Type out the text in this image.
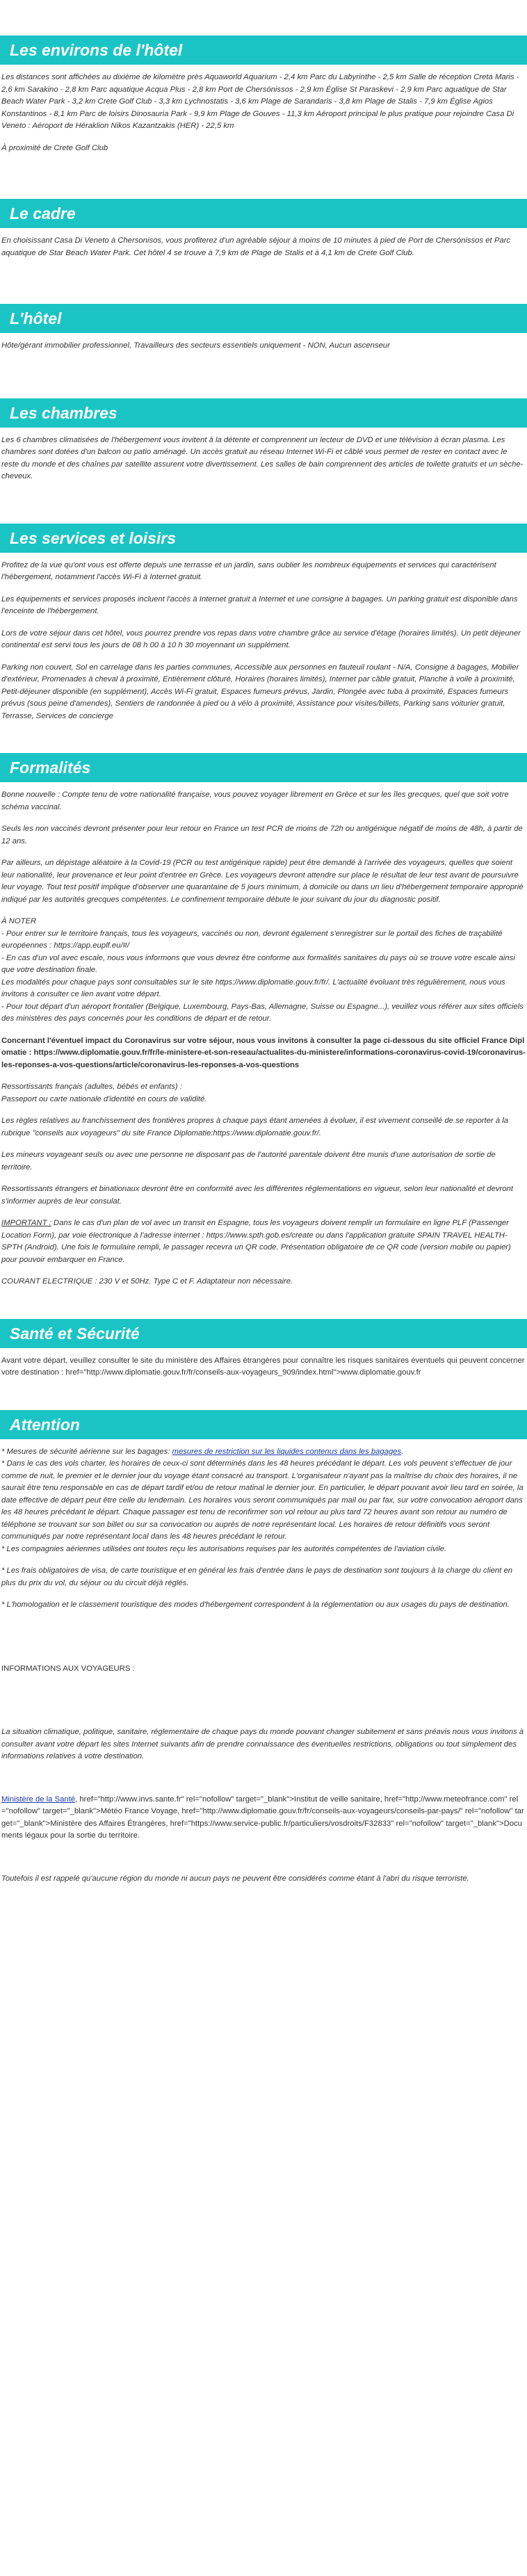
Les environs de l'hôtel

Les distances sont affichées au dixième de kilomètre près Aquaworld Aquarium - 2,4 km Parc du Labyrinthe - 2,5 km Salle de réception Creta Maris - 2,6 km Sarakino - 2,8 km Parc aquatique Acqua Plus - 2,8 km Port de Chersónissos - 2,9 km Église St Paraskevi - 2,9 km Parc aquatique de Star Beach Water Park - 3,2 km Crete Golf Club - 3,3 km Lychnostatis - 3,6 km Plage de Sarandaris - 3,8 km Plage de Stalis - 7,9 km Église Agios Konstantinos - 8,1 km Parc de loisirs Dinosauria Park - 9,9 km Plage de Gouves - 11,3 km Aéroport principal le plus pratique pour rejoindre Casa Di Veneto : Aéroport de Héraklion Nikos Kazantzakis (HER) - 22,5 km

À proximité de Crete Golf Club

Le cadre

En choisissant Casa Di Veneto à Chersonisos, vous profiterez d'un agréable séjour à moins de 10 minutes à pied de Port de Chersónissos et Parc aquatique de Star Beach Water Park. Cet hôtel 4 se trouve à 7,9 km de Plage de Stalis et à 4,1 km de Crete Golf Club.

L'hôtel

Hôte/gérant immobilier professionnel, Travailleurs des secteurs essentiels uniquement - NON, Aucun ascenseur

Les chambres

Les 6 chambres climatisées de l'hébergement vous invitent à la détente et comprennent un lecteur de DVD et une télévision à écran plasma. Les chambres sont dotées d'un balcon ou patio aménagé. Un accès gratuit au réseau Internet Wi-Fi et câblé vous permet de rester en contact avec le reste du monde et des chaînes par satellite assurent votre divertissement. Les salles de bain comprennent des articles de toilette gratuits et un sèche-cheveux.

Les services et loisirs

Profitez de la vue qu'ont vous est offerte depuis une terrasse et un jardin, sans oublier les nombreux équipements et services qui caractérisent l'hébergement, notamment l'accès Wi-Fi à Internet gratuit.

Les équipements et services proposés incluent l'accès à Internet gratuit à Internet et une consigne à bagages. Un parking gratuit est disponible dans l'enceinte de l'hébergement.

Lors de votre séjour dans cet hôtel, vous pourrez prendre vos repas dans votre chambre grâce au service d'étage (horaires limités). Un petit déjeuner continental est servi tous les jours de 08 h 00 à 10 h 30 moyennant un supplément.

Parking non couvert, Sol en carrelage dans les parties communes, Accessible aux personnes en fauteuil roulant - N/A, Consigne à bagages, Mobilier d'extérieur, Promenades à cheval à proximité, Entièrement clôturé, Horaires (horaires limités), Internet par câble gratuit, Planche à voile à proximité, Petit-déjeuner disponible (en supplément), Accès Wi-Fi gratuit, Espaces fumeurs prévus, Jardin, Plongée avec tuba à proximité, Espaces fumeurs prévus (sous peine d'amendes), Sentiers de randonnée à pied ou à vélo à proximité, Assistance pour visites/billets, Parking sans voiturier gratuit, Terrasse, Services de concierge

Formalités

Bonne nouvelle : Compte tenu de votre nationalité française, vous pouvez voyager librement en Grèce et sur les îles grecques, quel que soit votre schéma vaccinal.

Seuls les non vaccinés devront présenter pour leur retour en France un test PCR de moins de 72h ou antigénique négatif de moins de 48h, à partir de 12 ans.

Par ailleurs, un dépistage aléatoire à la Covid-19 (PCR ou test antigénique rapide) peut être demandé à l'arrivée des voyageurs, quelles que soient leur nationalité, leur provenance et leur point d'entrée en Grèce. Les voyageurs devront attendre sur place le résultat de leur test avant de poursuivre leur voyage. Tout test positif implique d'observer une quarantaine de 5 jours minimum, à domicile ou dans un lieu d'hébergement temporaire approprié indiqué par les autorités grecques compétentes. Le confinement temporaire débute le jour suivant du jour du diagnostic positif.

À NOTER

- Pour entrer sur le territoire français, tous les voyageurs, vaccinés ou non, devront également s'enregistrer sur le portail des fiches de traçabilité européennes : https://app.euplf.eu/#/

- En cas d'un vol avec escale, nous vous informons que vous devrez être conforme aux formalités sanitaires du pays où se trouve votre escale ainsi que votre destination finale.

Les modalités pour chaque pays sont consultables sur le site https://www.diplomatie.gouv.fr/fr/. L'actualité évoluant très régulièrement, nous vous invitons à consulter ce lien avant votre départ.

- Pour tout départ d'un aéroport frontalier (Belgique, Luxembourg, Pays-Bas, Allemagne, Suisse ou Espagne...), veuillez vous référer aux sites officiels des ministères des pays concernés pour les conditions de départ et de retour.

Concernant l'éventuel impact du Coronavirus sur votre séjour, nous vous invitons à consulter la page ci-dessous du site officiel France Diplomatie : https://www.diplomatie.gouv.fr/fr/le-ministere-et-son-reseau/actualites-du-ministere/informations-coronavirus-covid-19/coronavirus-les-reponses-a-vos-questions/article/coronavirus-les-reponses-a-vos-questions

Ressortissants français (adultes, bébés et enfants) :

Passeport ou carte nationale d'identité en cours de validité.

Les règles relatives au franchissement des frontières propres à chaque pays étant amenées à évoluer, il est vivement conseillé de se reporter à la rubrique "conseils aux voyageurs" du site France Diplomatie:https://www.diplomatie.gouv.fr/.

Les mineurs voyageant seuls ou avec une personne ne disposant pas de l'autorité parentale doivent être munis d'une autorisation de sortie de territoire.

Ressortissants étrangers et binationaux devront être en conformité avec les différentes réglementations en vigueur, selon leur nationalité et devront s'informer auprès de leur consulat.

IMPORTANT : Dans le cas d'un plan de vol avec un transit en Espagne, tous les voyageurs doivent remplir un formulaire en ligne PLF (Passenger Location Form), par voie électronique à l'adresse internet : https://www.spth.gob.es/create ou dans l'application gratuite SPAIN TRAVEL HEALTH-SPTH (Android). Une fois le formulaire rempli, le passager recevra un QR code. Présentation obligatoire de ce QR code (version mobile ou papier) pour pouvoir embarquer en France.

COURANT ELECTRIQUE : 230 V et 50Hz. Type C et F. Adaptateur non nécessaire.

Santé et Sécurité

Avant votre départ, veuillez consulter le site du ministère des Affaires étrangères pour connaître les risques sanitaires éventuels qui peuvent concerner votre destination : href="http://www.diplomatie.gouv.fr/fr/conseils-aux-voyageurs_909/index.html">www.diplomatie.gouv.fr

Attention

* Mesures de sécurité aérienne sur les bagages: mesures de restriction sur les liquides contenus dans les bagages.

* Dans le cas des vols charter, les horaires de ceux-ci sont déterminés dans les 48 heures précédant le départ. Les vols peuvent s'effectuer de jour comme de nuit, le premier et le dernier jour du voyage étant consacré au transport. L'organisateur n'ayant pas la maîtrise du choix des horaires, il ne saurait être tenu responsable en cas de départ tardif et/ou de retour matinal le dernier jour. En particulier, le départ pouvant avoir lieu tard en soirée, la date effective de départ peut être celle du lendemain. Les horaires vous seront communiqués par mail ou par fax, sur votre convocation aéroport dans les 48 heures précédant le départ. Chaque passager est tenu de reconfirmer son vol retour au plus tard 72 heures avant son retour au numéro de téléphone se trouvant sur son billet ou sur sa convocation ou auprès de notre représentant local. Les horaires de retour définitifs vous seront communiqués par notre représentant local dans les 48 heures précédant le retour.

* Les compagnies aériennes utilisées ont toutes reçu les autorisations requises par les autorités compétentes de l'aviation civile.

* Les frais obligatoires de visa, de carte touristique et en général les frais d'entrée dans le pays de destination sont toujours à la charge du client en plus du prix du vol, du séjour ou du circuit déjà réglés.

* L'homologation et le classement touristique des modes d'hébergement correspondent à la réglementation ou aux usages du pays de destination.

INFORMATIONS AUX VOYAGEURS :

La situation climatique, politique, sanitaire, réglementaire de chaque pays du monde pouvant changer subitement et sans préavis nous vous invitons à consulter avant votre départ les sites Internet suivants afin de prendre connaissance des éventuelles restrictions, obligations ou tout simplement des informations relatives à votre destination.

Ministère de la Santé, href="http://www.invs.sante.fr" rel="nofollow" target="_blank">Institut de veille sanitaire, href="http://www.meteofrance.com" rel="nofollow" target="_blank">Météo France Voyage, href="http://www.diplomatie.gouv.fr/fr/conseils-aux-voyageurs/conseils-par-pays/" rel="nofollow" target="_blank">Ministère des Affaires Étrangères, href="https://www.service-public.fr/particuliers/vosdroits/F32833" rel="nofollow" target="_blank">Documents légaux pour la sortie du territoire.

Toutefois il est rappelé qu'aucune région du monde ni aucun pays ne peuvent être considérés comme étant à l'abri du risque terroriste.
